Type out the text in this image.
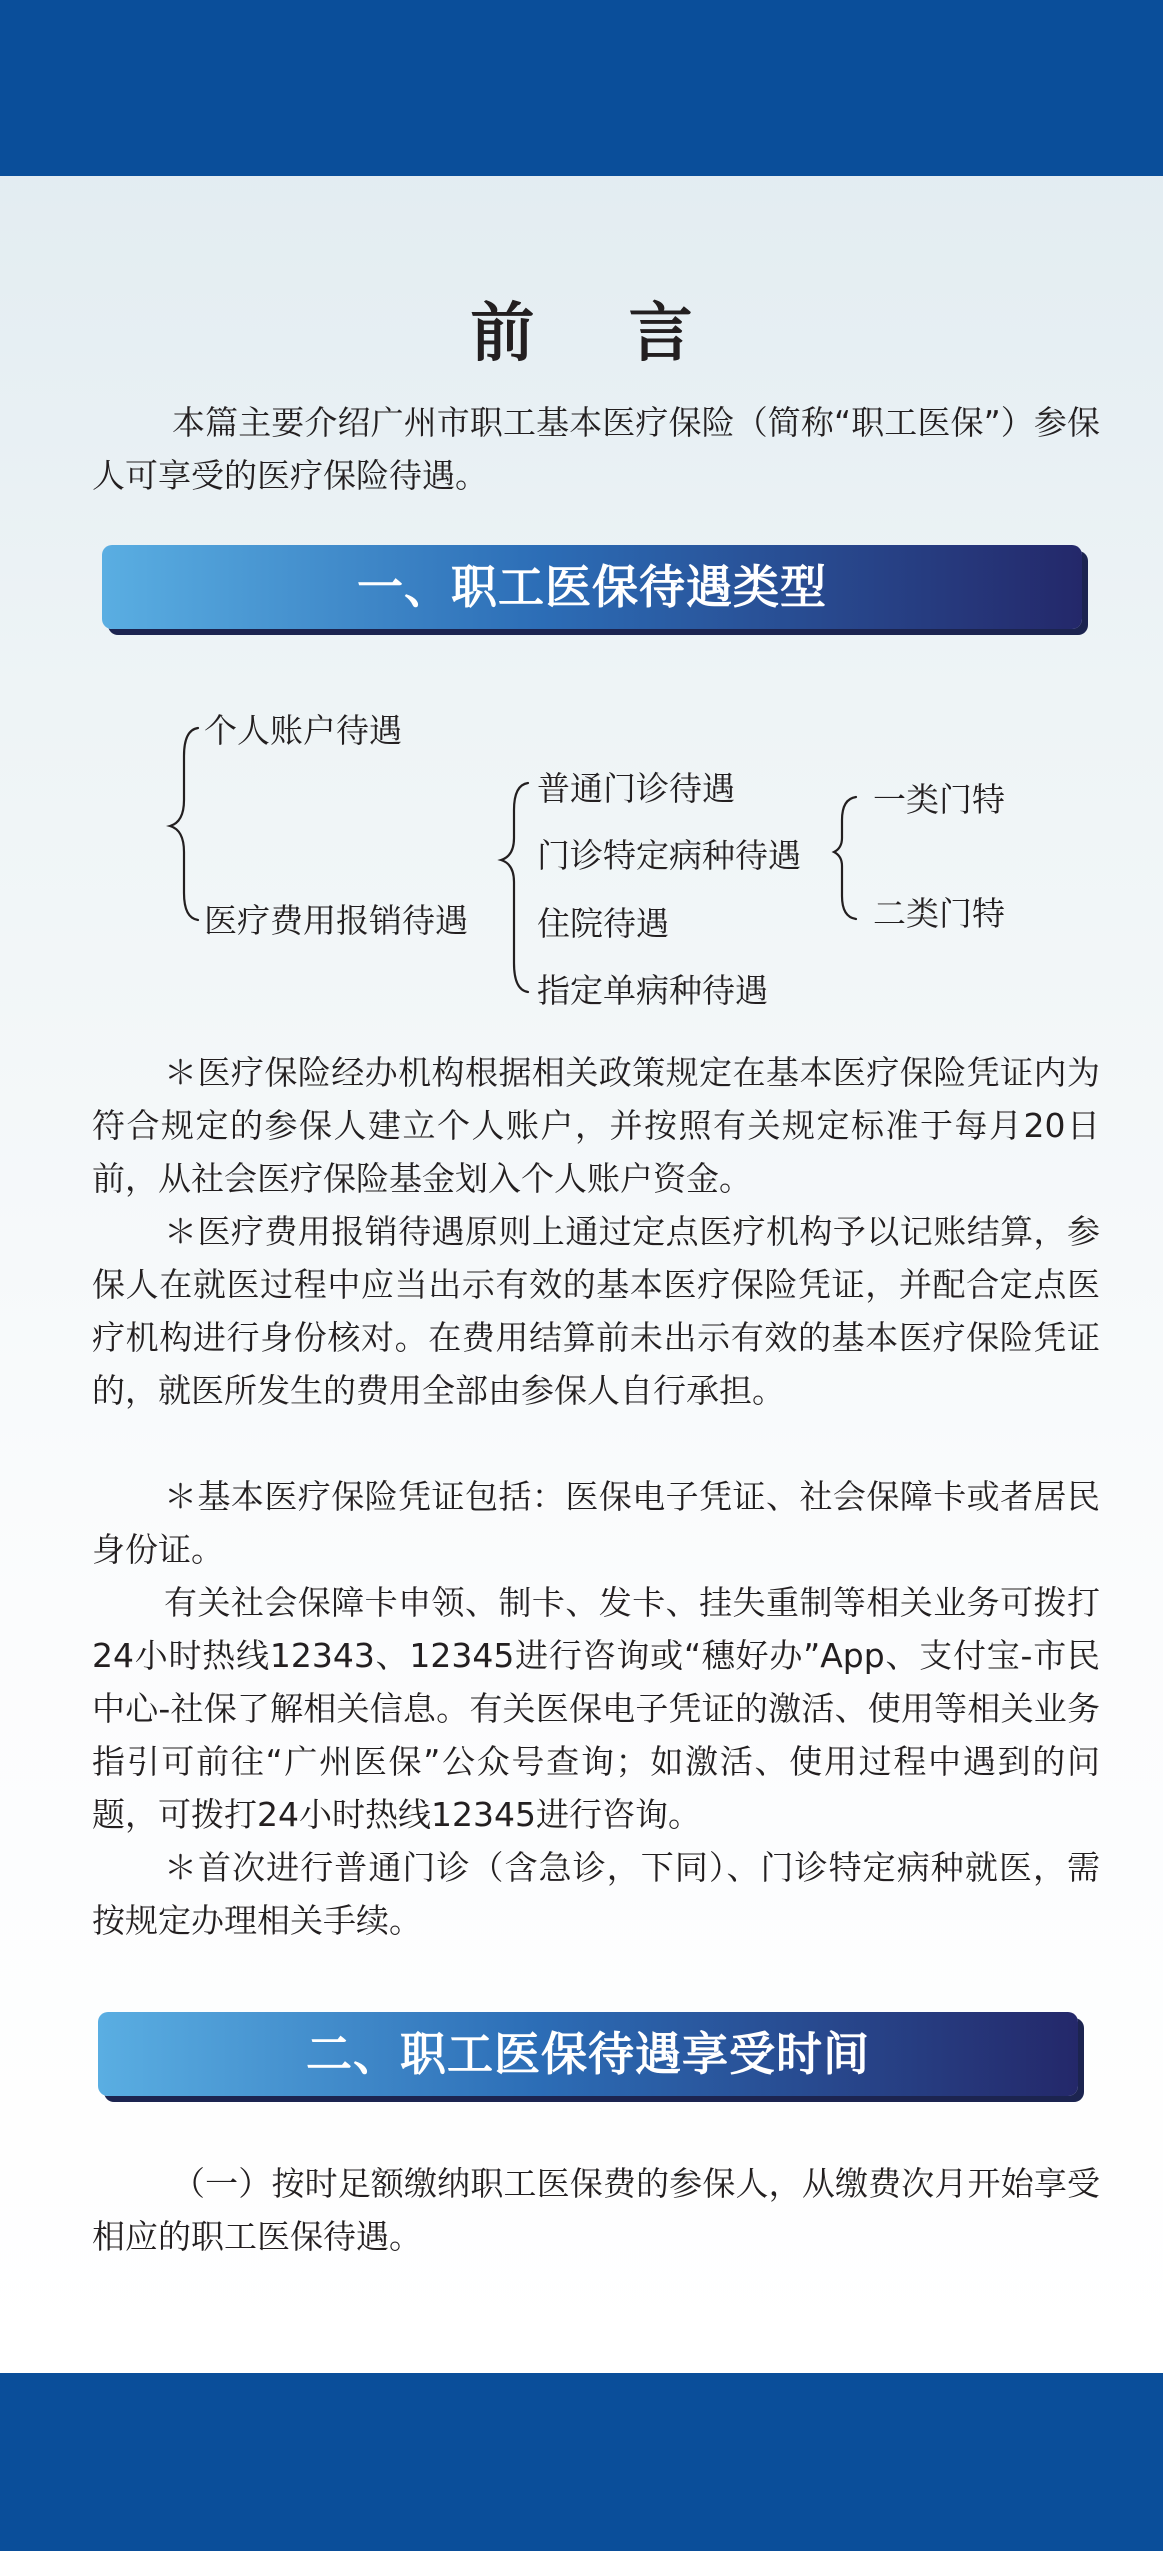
前 言

本篇主要介绍广州市职工基本医疗保险（简称“职工医保”）参保人可享受的医疗保险待遇。

一、职工医保待遇类型
个人账户待遇
医疗费用报销待遇
普通门诊待遇
门诊特定病种待遇
住院待遇
指定单病种待遇
一类门特
二类门特

＊医疗保险经办机构根据相关政策规定在基本医疗保险凭证内为符合规定的参保人建立个人账户，并按照有关规定标准于每月20日前，从社会医疗保险基金划入个人账户资金。

＊医疗费用报销待遇原则上通过定点医疗机构予以记账结算，参保人在就医过程中应当出示有效的基本医疗保险凭证，并配合定点医疗机构进行身份核对。在费用结算前未出示有效的基本医疗保险凭证的，就医所发生的费用全部由参保人自行承担。

＊基本医疗保险凭证包括：医保电子凭证、社会保障卡或者居民身份证。

有关社会保障卡申领、制卡、发卡、挂失重制等相关业务可拨打24小时热线12343、12345进行咨询或“穗好办”App、支付宝-市民中心-社保了解相关信息。有关医保电子凭证的激活、使用等相关业务指引可前往“广州医保”公众号查询；如激活、使用过程中遇到的问题，可拨打24小时热线12345进行咨询。

＊首次进行普通门诊（含急诊，下同）、门诊特定病种就医，需按规定办理相关手续。

二、职工医保待遇享受时间

（一）按时足额缴纳职工医保费的参保人，从缴费次月开始享受相应的职工医保待遇。
